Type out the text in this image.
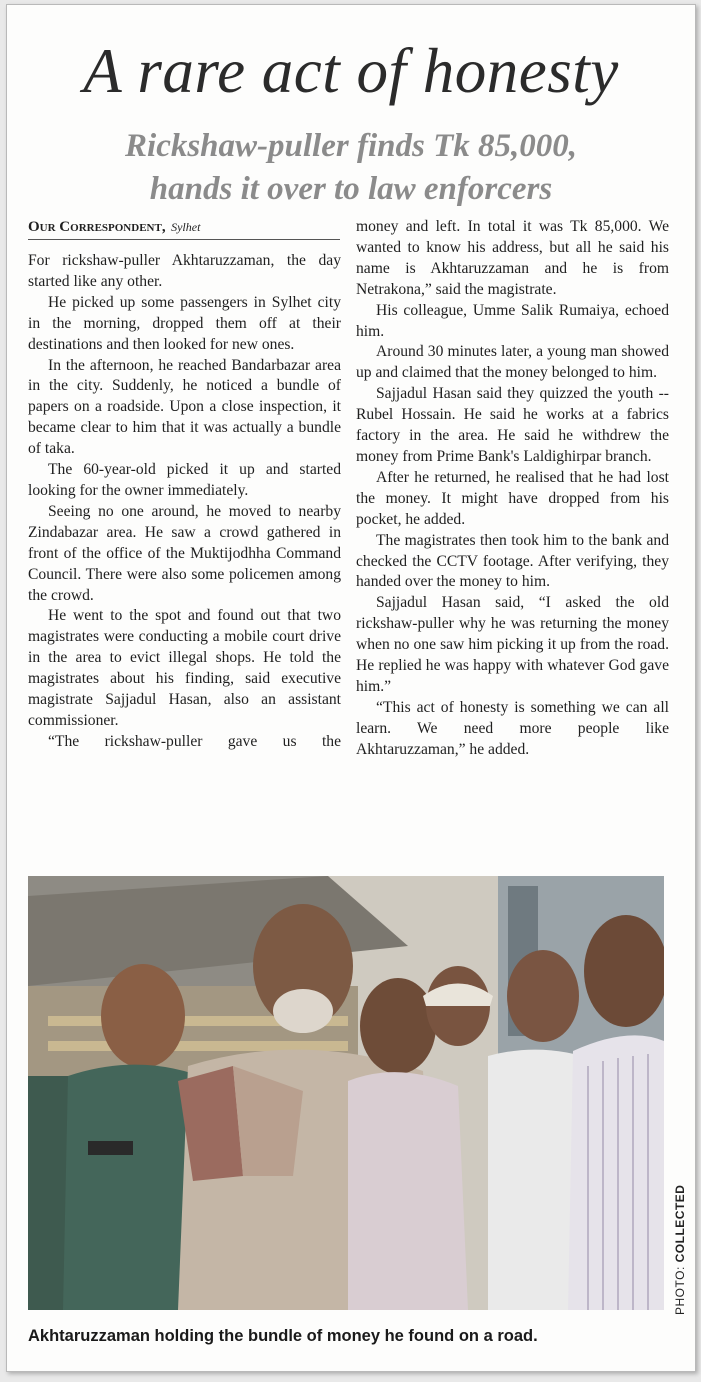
A rare act of honesty
Rickshaw-puller finds Tk 85,000,
hands it over to law enforcers
Our Correspondent, Sylhet

For rickshaw-puller Akhtaruzzaman, the day started like any other.

He picked up some passengers in Sylhet city in the morning, dropped them off at their destinations and then looked for new ones.

In the afternoon, he reached Bandarbazar area in the city. Suddenly, he noticed a bundle of papers on a roadside. Upon a close inspection, it became clear to him that it was actually a bundle of taka.

The 60-year-old picked it up and started looking for the owner immediately.

Seeing no one around, he moved to nearby Zindabazar area. He saw a crowd gathered in front of the office of the Muktijodhha Command Council. There were also some policemen among the crowd.

He went to the spot and found out that two magistrates were conducting a mobile court drive in the area to evict illegal shops. He told the magistrates about his finding, said executive magistrate Sajjadul Hasan, also an assistant commissioner.

“The rickshaw-puller gave us the

money and left. In total it was Tk 85,000. We wanted to know his address, but all he said his name is Akhtaruzzaman and he is from Netrakona,” said the magistrate.

His colleague, Umme Salik Rumaiya, echoed him.

Around 30 minutes later, a young man showed up and claimed that the money belonged to him.

Sajjadul Hasan said they quizzed the youth -- Rubel Hossain. He said he works at a fabrics factory in the area. He said he withdrew the money from Prime Bank's Laldighirpar branch.

After he returned, he realised that he had lost the money. It might have dropped from his pocket, he added.

The magistrates then took him to the bank and checked the CCTV footage. After verifying, they handed over the money to him.

Sajjadul Hasan said, “I asked the old rickshaw-puller why he was returning the money when no one saw him picking it up from the road. He replied he was happy with whatever God gave him.”

“This act of honesty is something we can all learn. We need more people like Akhtaruzzaman,” he added.

PHOTO: COLLECTED
Akhtaruzzaman holding the bundle of money he found on a road.
